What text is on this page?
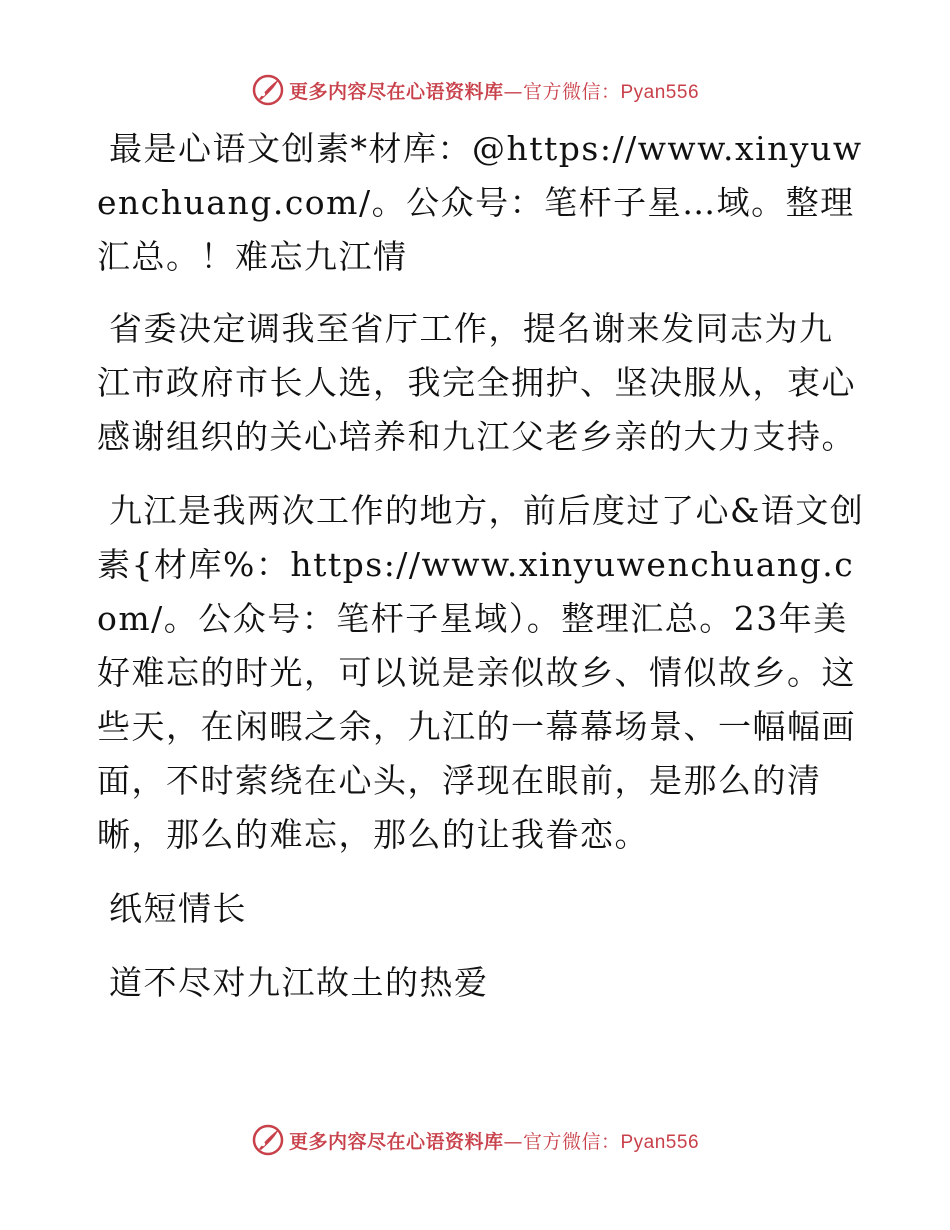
更多内容尽在心语资料库—官方微信：Pyan556

最是心语文创素*材库：@https://www.xinyuwenchuang.com/。公众号：笔杆子星…域。整理汇总。！难忘九江情

省委决定调我至省厅工作，提名谢来发同志为九江市政府市长人选，我完全拥护、坚决服从，衷心感谢组织的关心培养和九江父老乡亲的大力支持。

九江是我两次工作的地方，前后度过了心&语文创素{材库%：https://www.xinyuwenchuang.com/。公众号：笔杆子星域）。整理汇总。23年美好难忘的时光，可以说是亲似故乡、情似故乡。这些天，在闲暇之余，九江的一幕幕场景、一幅幅画面，不时萦绕在心头，浮现在眼前，是那么的清晰，那么的难忘，那么的让我眷恋。

纸短情长

道不尽对九江故土的热爱

更多内容尽在心语资料库—官方微信：Pyan556
